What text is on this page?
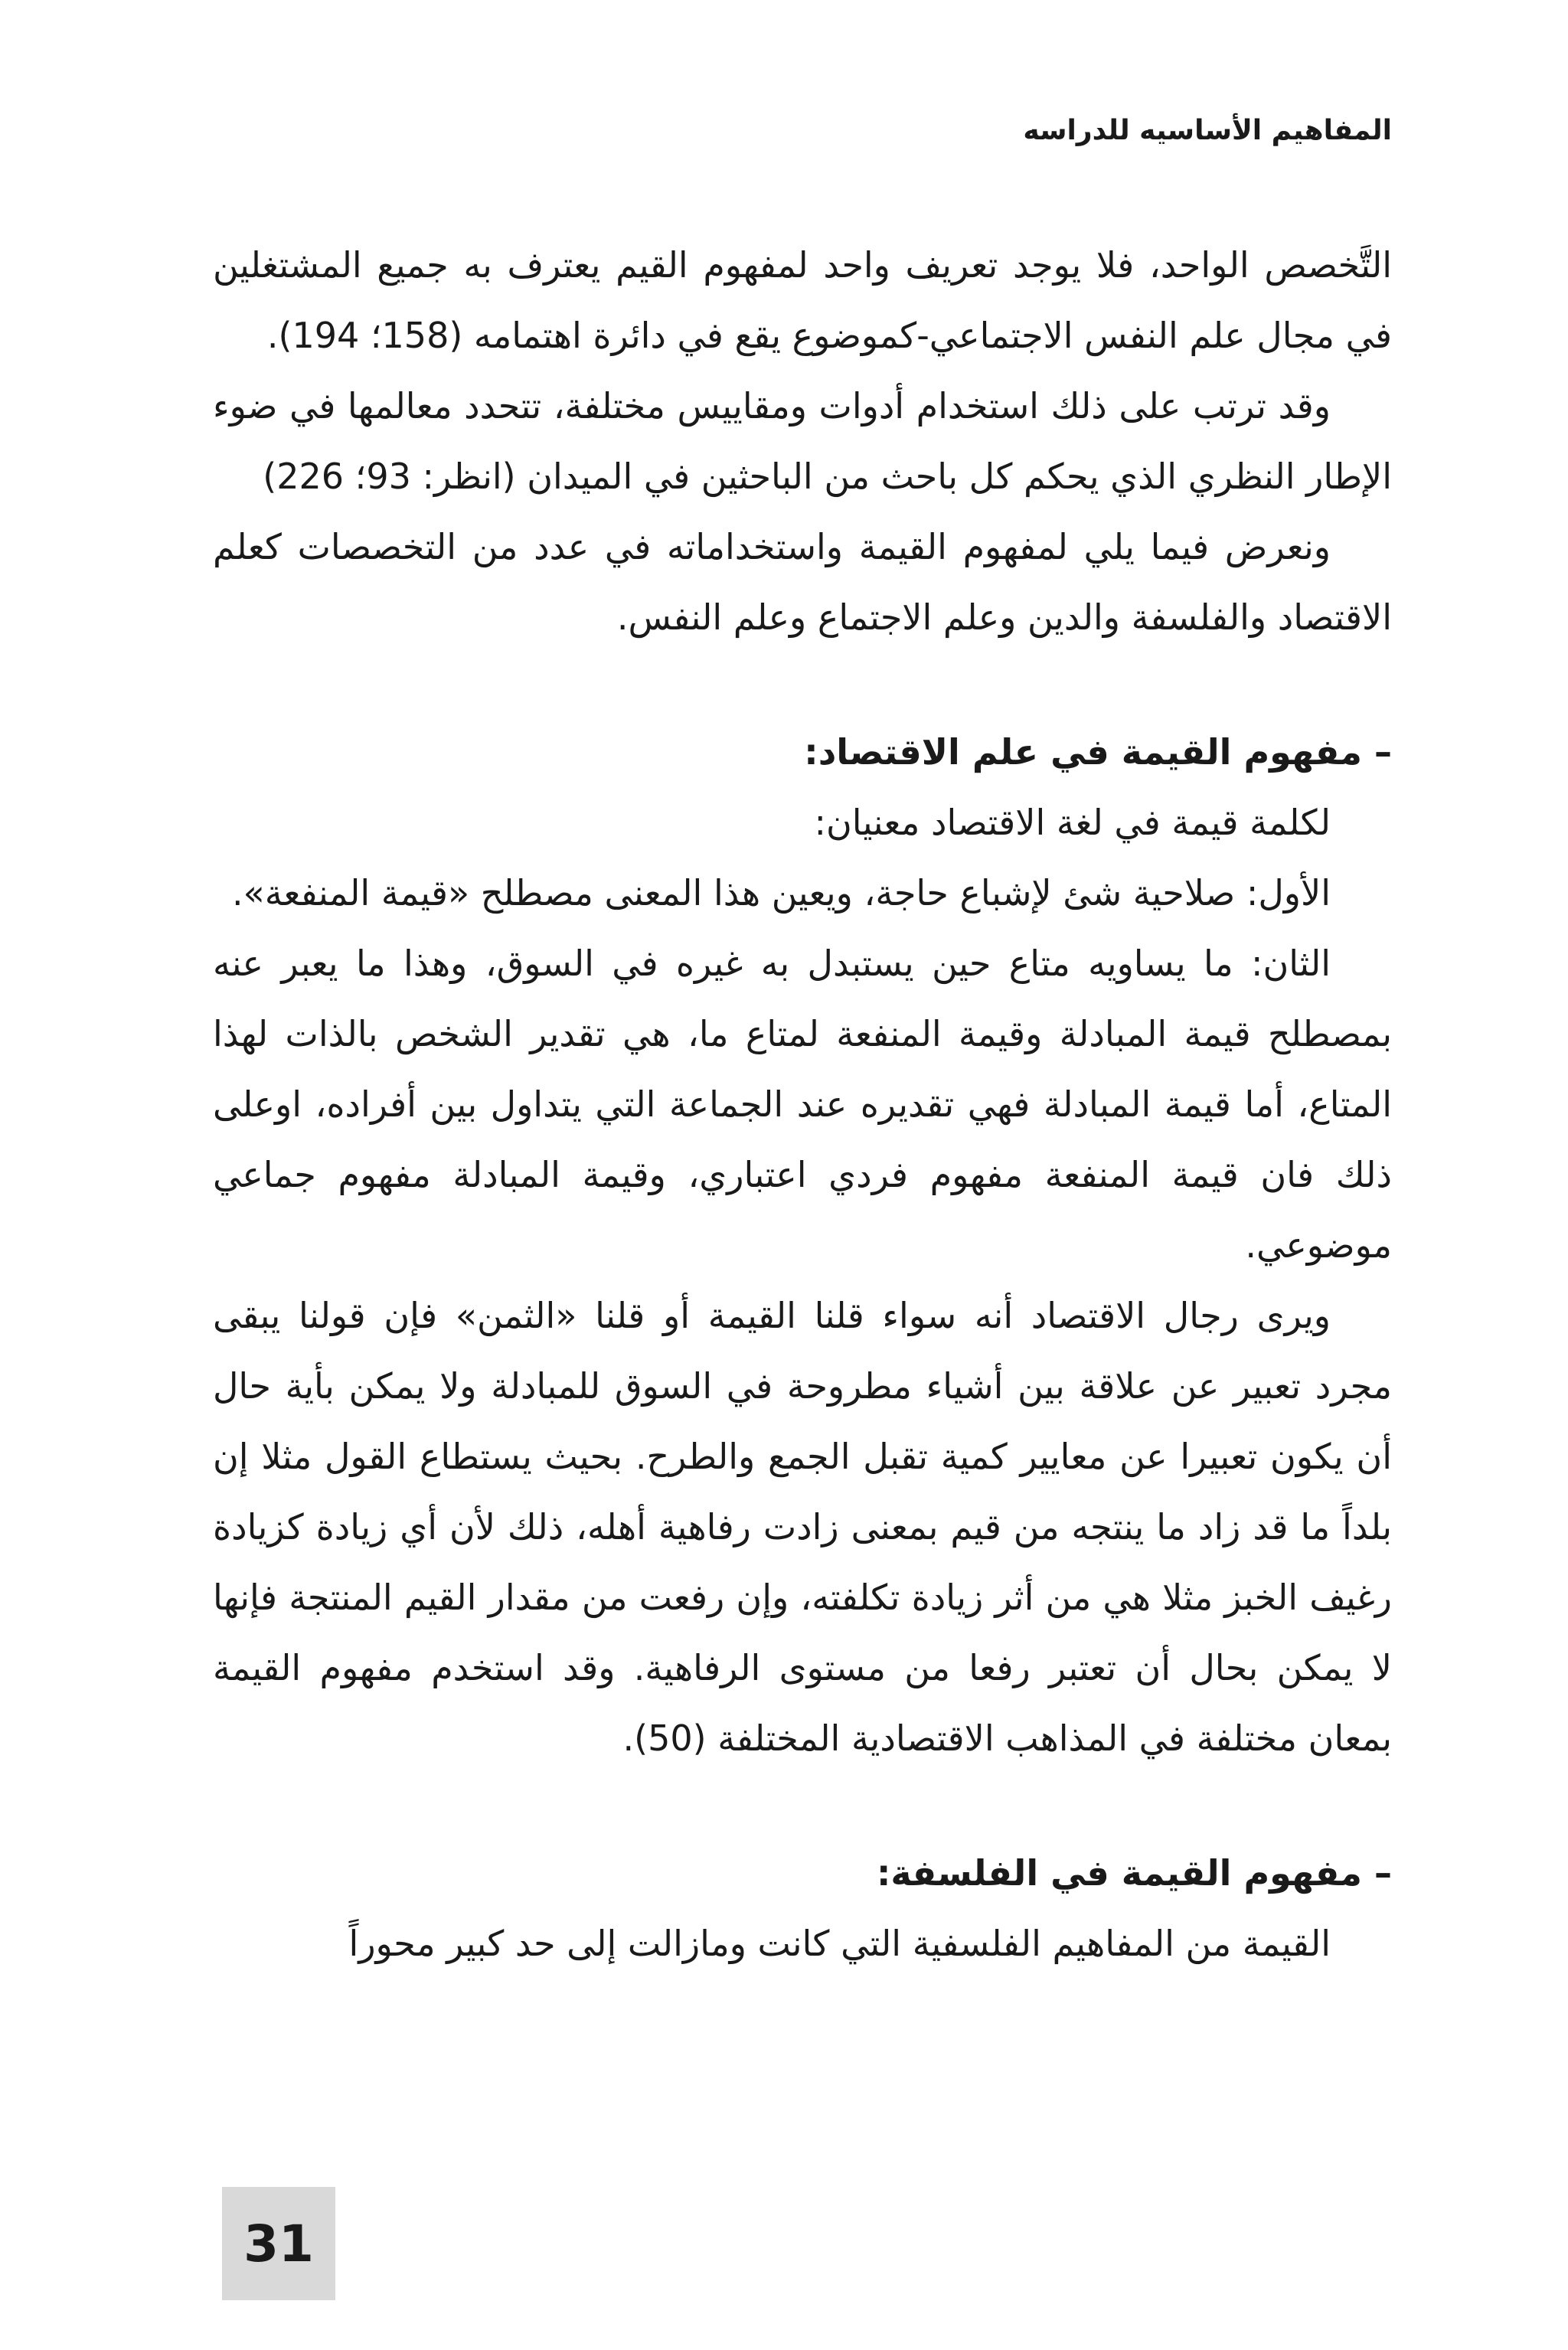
المفاهيم الأساسيه للدراسه

التَّخصص الواحد، فلا يوجد تعريف واحد لمفهوم القيم يعترف به جميع المشتغلين في مجال علم النفس الاجتماعي-كموضوع يقع في دائرة اهتمامه (158؛ 194).

وقد ترتب على ذلك استخدام أدوات ومقاييس مختلفة، تتحدد معالمها في ضوء الإطار النظري الذي يحكم كل باحث من الباحثين في الميدان (انظر: 93؛ 226)

ونعرض فيما يلي لمفهوم القيمة واستخداماته في عدد من التخصصات كعلم الاقتصاد والفلسفة والدين وعلم الاجتماع وعلم النفس.

– مفهوم القيمة في علم الاقتصاد:

لكلمة قيمة في لغة الاقتصاد معنيان:

الأول: صلاحية شئ لإشباع حاجة، ويعين هذا المعنى مصطلح «قيمة المنفعة».

الثان: ما يساويه متاع حين يستبدل به غيره في السوق، وهذا ما يعبر عنه بمصطلح قيمة المبادلة وقيمة المنفعة لمتاع ما، هي تقدير الشخص بالذات لهذا المتاع، أما قيمة المبادلة فهي تقديره عند الجماعة التي يتداول بين أفراده، اوعلى ذلك فان قيمة المنفعة مفهوم فردي اعتباري، وقيمة المبادلة مفهوم جماعي موضوعي.

ويرى رجال الاقتصاد أنه سواء قلنا القيمة أو قلنا «الثمن» فإن قولنا يبقى مجرد تعبير عن علاقة بين أشياء مطروحة في السوق للمبادلة ولا يمكن بأية حال أن يكون تعبيرا عن معايير كمية تقبل الجمع والطرح. بحيث يستطاع القول مثلا إن بلداً ما قد زاد ما ينتجه من قيم بمعنى زادت رفاهية أهله، ذلك لأن أي زيادة كزيادة رغيف الخبز مثلا هي من أثر زيادة تكلفته، وإن رفعت من مقدار القيم المنتجة فإنها لا يمكن بحال أن تعتبر رفعا من مستوى الرفاهية. وقد استخدم مفهوم القيمة بمعان مختلفة في المذاهب الاقتصادية المختلفة (50).

– مفهوم القيمة في الفلسفة:

القيمة من المفاهيم الفلسفية التي كانت ومازالت إلى حد كبير محوراً

31
